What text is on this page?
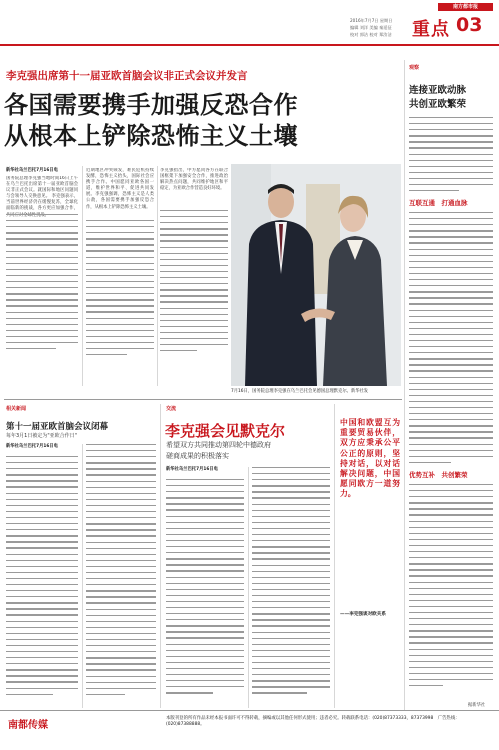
南方都市报
2016年7月7日 星期日
编辑 刘洋 美编 秦延征
校对 郭洁 校对 郑汝洁	重点 03
李克强出席第十一届亚欧首脑会议非正式会议并发言
各国需要携手加强反恐合作
从根本上铲除恐怖主义土壤
观察
连接亚欧动脉
共创亚欧繁荣
互联互通　打通血脉
优势互补　共创繁荣
据新华社
新华社乌兰巴托7月16日电
国务院总理李克强当地时间16日上午在乌兰巴托出席第十一届亚欧首脑会议非正式会议。就国际和地区问题同与会领导人交换意见。 李克强表示，当前世界经济仍在缓慢复苏，全球化面临新的挑战，各方更应加强合作，
近期地区冲突频发，难民危机持续发酵，恐怖主义抬头，国际社会应携手合作。中国愿同亚欧各国一道，维护世界和平、促进共同发展。李克强强调，恐怖主义是人类公敌，各国需要携手加强反恐合作，从根本上铲除恐怖主义土壤。
李克强指出，中方愿同各方在联合国框架下加强安全合作，推进政治解决热点问题，共同维护地区和平稳定，为亚欧合作营造良好环境。
7月16日，国务院总理李克强在乌兰巴托会见德国总理默克尔。新华社发
相关新闻
第十一届亚欧首脑会议闭幕
每年3月1日被定为"亚欧合作日"
新华社乌兰巴托7月16日电
交流
李克强会见默克尔
希望双方共同推动第四轮中德政府
磋商成果的积极落实
新华社乌兰巴托7月16日电
中国和欧盟互为重要贸易伙伴，双方应秉承公平公正的原则，坚持对话，以对话解决问题，中国愿同欧方一道努力。
——李克强谈对欧关系
南都传媒
本版刊登的所有作品未经本报书面许可不得转载，摘编或以其他任何形式使用；违者必究。转载联系电话：(020)87373333，87373998　广告热线：(020)87388888。
